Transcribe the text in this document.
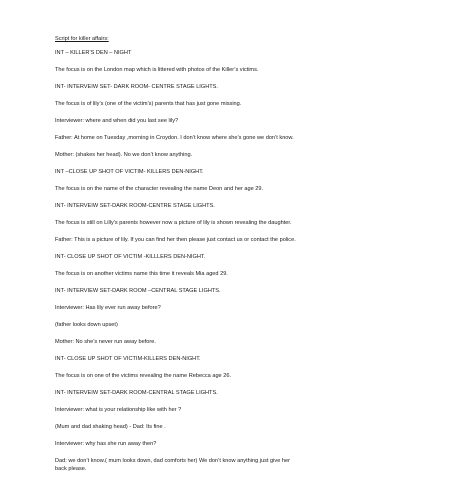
Script for killer affairs:
INT – KILLER’S DEN – NIGHT
The focus is on the London map which is littered with photos of the Killer’s victims.
INT- INTERVEIW SET- DARK ROOM- CENTRE STAGE LIGHTS.
The focus is of lily’s (one of the victim’s) parents that has just gone missing.
Interviewer: where and when did you last see lily?
Father: At home on Tuesday ,morning in Croydon. I don’t know where she’s gone we don’t know.
Mother: (shakes her head). No we don’t know anything.
INT –CLOSE UP SHOT OF VICTIM- KILLERS DEN-NIGHT.
The focus is on the name of the character revealing the name Deon and her age 29.
INT- INTERVEIW SET-DARK ROOM-CENTRE STAGE LIGHTS.
The focus is still on Lilly’s parents however now a picture of lily is shown revealing the daughter.
Father: This is a picture of lily. If you can find her then please just contact us or contact the police.
INT- CLOSE UP SHOT OF VICTIM -KILLLERS DEN-NIGHT.
The focus is on another victims name this time it reveals Mia aged 29.
INT- INTERVIEW SET-DARK ROOM –CENTRAL STAGE LIGHTS.
Interviewer: Has lily ever run away before?
(father looks down upset)
Mother: No she’s never run away before.
INT- CLOSE UP SHOT OF VICTIM-KILLERS DEN-NIGHT.
The focus is on one of the victims revealing the name Rebecca age 26.
INT- INTERVEIW SET-DARK ROOM-CENTRAL STAGE LIGHTS.
Interviewer: what is your relationship like with her ?
(Mum and dad shaking head) - Dad: Its fine .
Interviewer: why has she run away then?
Dad: we don’t know.( mum looks down, dad comforts her) We don’t know anything just give her
back please.
